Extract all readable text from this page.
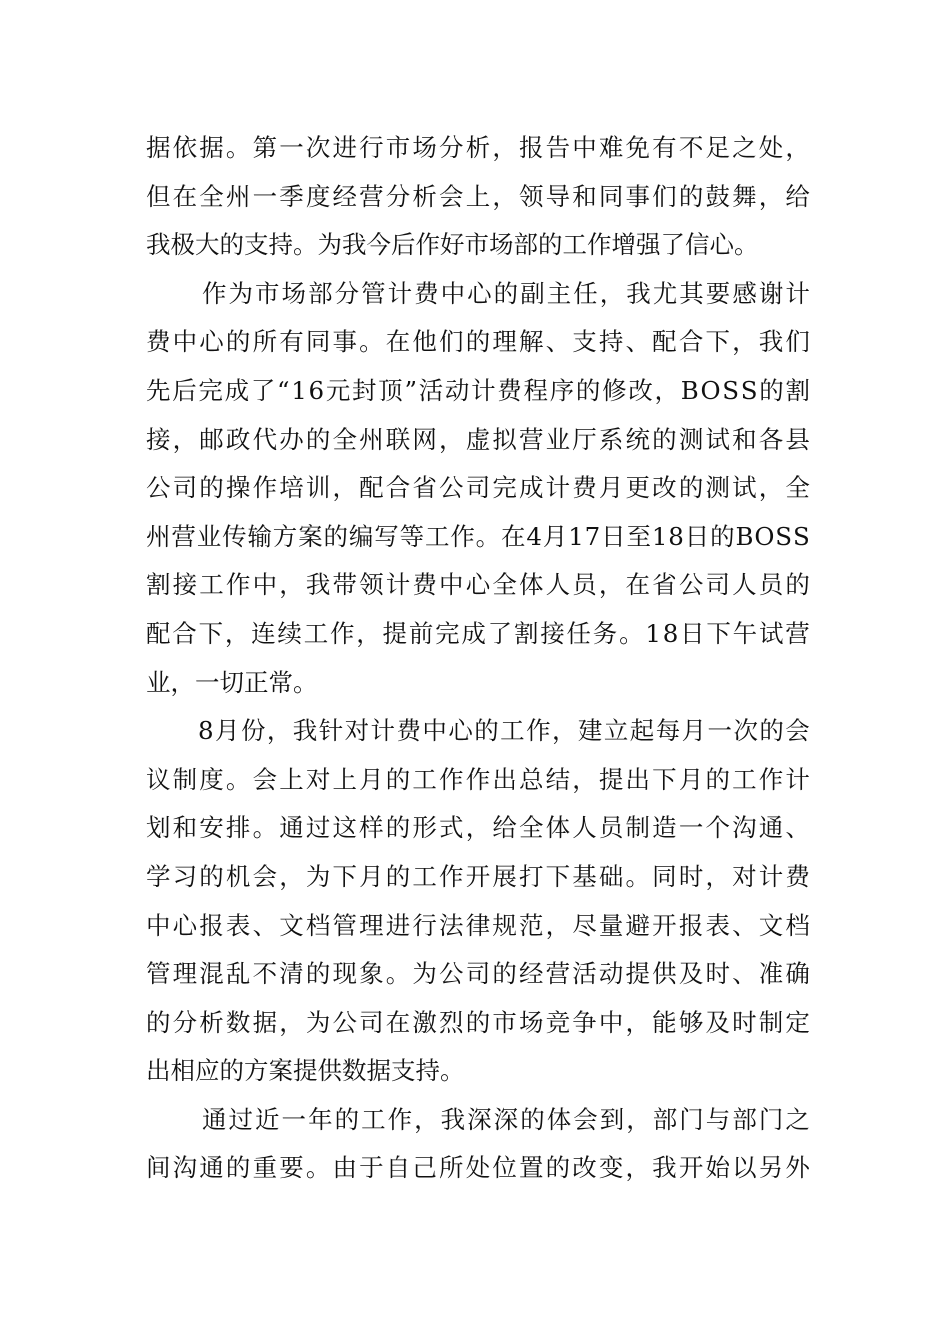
据 依 据 。 第 一 次 进 行 市 场 分 析 ， 报 告 中 难 免 有 不 足 之 处 ，
但 在 全 州 一 季 度 经 营 分 析 会 上 ， 领 导 和 同 事 们 的 鼓 舞 ， 给
我极大的支持。为我今后作好市场部的工作增强了信心。
作 为 市 场 部 分 管 计 费 中 心 的 副 主 任 ， 我 尤 其 要 感 谢 计
费 中 心 的 所 有 同 事 。 在 他 们 的 理 解 、 支 持 、 配 合 下 ， 我 们
先 后 完 成 了 “ 1 6 元 封 顶 ” 活 动 计 费 程 序 的 修 改 ， B O S S 的 割
接 ， 邮 政 代 办 的 全 州 联 网 ， 虚 拟 营 业 厅 系 统 的 测 试 和 各 县
公 司 的 操 作 培 训 ， 配 合 省 公 司 完 成 计 费 月 更 改 的 测 试 ， 全
州 营 业 传 输 方 案 的 编 写 等 工 作 。 在 4 月 1 7 日 至 1 8 日 的 B O S S
割 接 工 作 中 ， 我 带 领 计 费 中 心 全 体 人 员 ， 在 省 公 司 人 员 的
配 合 下 ， 连 续 工 作 ， 提 前 完 成 了 割 接 任 务 。 1 8 日 下 午 试 营
业，一切正常。
8 月 份 ， 我 针 对 计 费 中 心 的 工 作 ， 建 立 起 每 月 一 次 的 会
议 制 度 。 会 上 对 上 月 的 工 作 作 出 总 结 ， 提 出 下 月 的 工 作 计
划 和 安 排 。 通 过 这 样 的 形 式 ， 给 全 体 人 员 制 造 一 个 沟 通 、
学 习 的 机 会 ， 为 下 月 的 工 作 开 展 打 下 基 础 。 同 时 ， 对 计 费
中 心 报 表 、 文 档 管 理 进 行 法 律 规 范 ， 尽 量 避 开 报 表 、 文 档
管 理 混 乱 不 清 的 现 象 。 为 公 司 的 经 营 活 动 提 供 及 时 、 准 确
的 分 析 数 据 ， 为 公 司 在 激 烈 的 市 场 竞 争 中 ， 能 够 及 时 制 定
出相应的方案提供数据支持。
通 过 近 一 年 的 工 作 ， 我 深 深 的 体 会 到 ， 部 门 与 部 门 之
间 沟 通 的 重 要 。 由 于 自 己 所 处 位 置 的 改 变 ， 我 开 始 以 另 外
